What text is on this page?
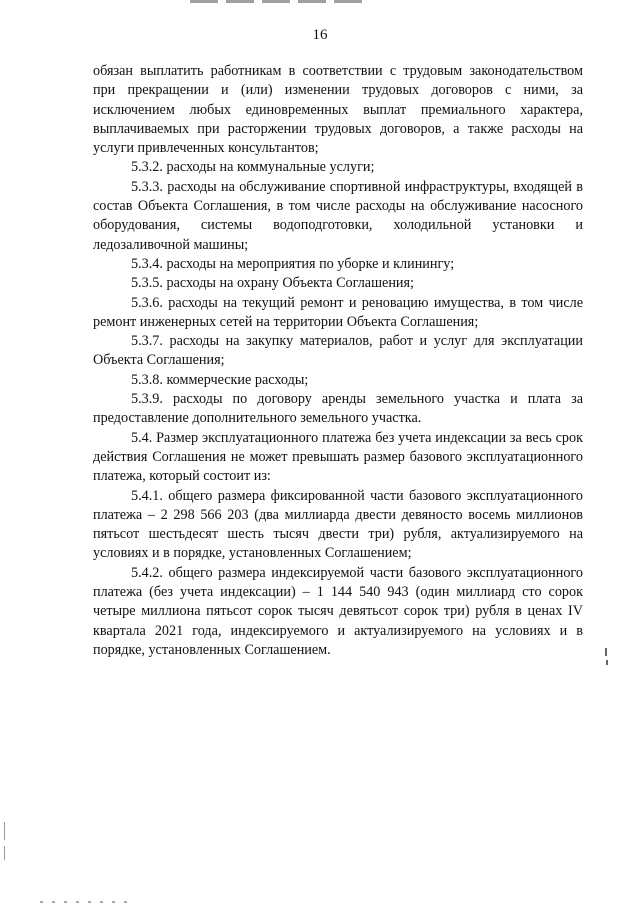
16

обязан выплатить работникам в соответствии с трудовым законодательством при прекращении и (или) изменении трудовых договоров с ними, за исключением любых единовременных выплат премиального характера, выплачиваемых при расторжении трудовых договоров, а также расходы на услуги привлеченных консультантов;

5.3.2. расходы на коммунальные услуги;

5.3.3. расходы на обслуживание спортивной инфраструктуры, входящей в состав Объекта Соглашения, в том числе расходы на обслуживание насосного оборудования, системы водоподготовки, холодильной установки и ледозаливочной машины;

5.3.4. расходы на мероприятия по уборке и клинингу;

5.3.5. расходы на охрану Объекта Соглашения;

5.3.6. расходы на текущий ремонт и реновацию имущества, в том числе ремонт инженерных сетей на территории Объекта Соглашения;

5.3.7. расходы на закупку материалов, работ и услуг для эксплуатации Объекта Соглашения;

5.3.8. коммерческие расходы;

5.3.9. расходы по договору аренды земельного участка и плата за предоставление дополнительного земельного участка.

5.4. Размер эксплуатационного платежа без учета индексации за весь срок действия Соглашения не может превышать размер базового эксплуатационного платежа, который состоит из:

5.4.1. общего размера фиксированной части базового эксплуатационного платежа – 2 298 566 203 (два миллиарда двести девяносто восемь миллионов пятьсот шестьдесят шесть тысяч двести три) рубля, актуализируемого на условиях и в порядке, установленных Соглашением;

5.4.2. общего размера индексируемой части базового эксплуатационного платежа (без учета индексации) – 1 144 540 943 (один миллиард сто сорок четыре миллиона пятьсот сорок тысяч девятьсот сорок три) рубля в ценах IV квартала 2021 года, индексируемого и актуализируемого на условиях и в порядке, установленных Соглашением.
